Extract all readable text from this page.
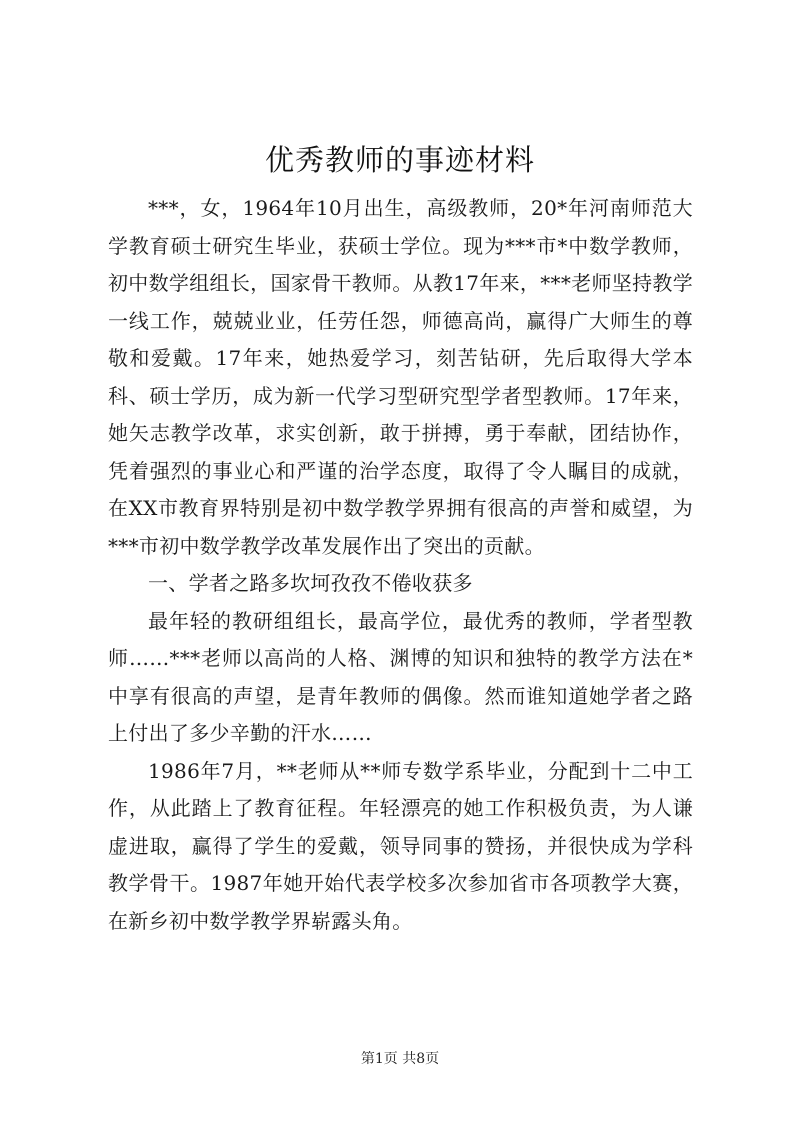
优秀教师的事迹材料

***，女，1964年10月出生，高级教师，20*年河南师范大学教育硕士研究生毕业，获硕士学位。现为***市*中数学教师，初中数学组组长，国家骨干教师。从教17年来，***老师坚持教学一线工作，兢兢业业，任劳任怨，师德高尚，赢得广大师生的尊敬和爱戴。17年来，她热爱学习，刻苦钻研，先后取得大学本科、硕士学历，成为新一代学习型研究型学者型教师。17年来，她矢志教学改革，求实创新，敢于拼搏，勇于奉献，团结协作，凭着强烈的事业心和严谨的治学态度，取得了令人瞩目的成就，在XX市教育界特别是初中数学教学界拥有很高的声誉和威望，为***市初中数学教学改革发展作出了突出的贡献。

一、学者之路多坎坷孜孜不倦收获多

最年轻的教研组组长，最高学位，最优秀的教师，学者型教师……***老师以高尚的人格、渊博的知识和独特的教学方法在*中享有很高的声望，是青年教师的偶像。然而谁知道她学者之路上付出了多少辛勤的汗水……

1986年7月，**老师从**师专数学系毕业，分配到十二中工作，从此踏上了教育征程。年轻漂亮的她工作积极负责，为人谦虚进取，赢得了学生的爱戴，领导同事的赞扬，并很快成为学科教学骨干。1987年她开始代表学校多次参加省市各项教学大赛，在新乡初中数学教学界崭露头角。

第1页 共8页
